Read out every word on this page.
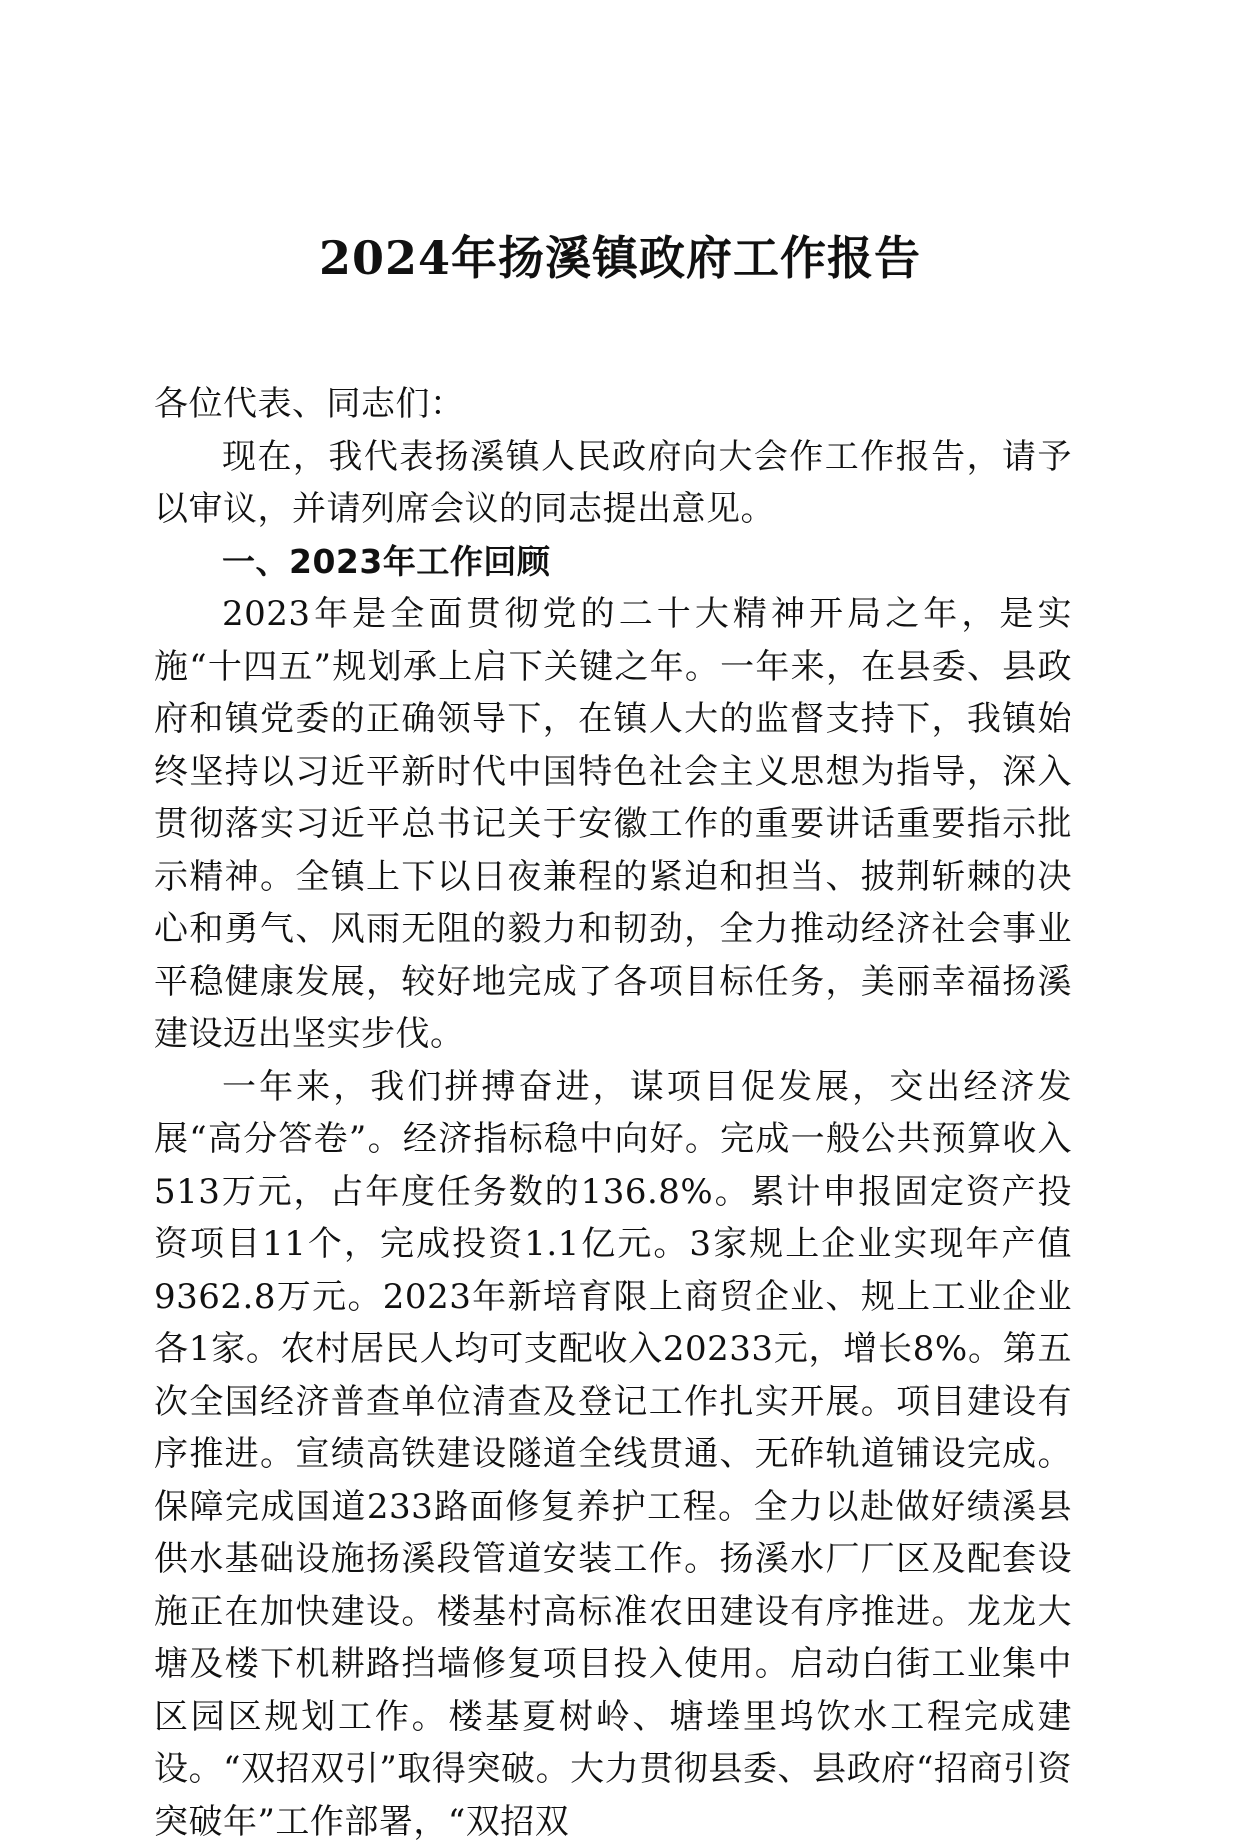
2024年扬溪镇政府工作报告

各位代表、同志们：

现在，我代表扬溪镇人民政府向大会作工作报告，请予以审议，并请列席会议的同志提出意见。

一、2023年工作回顾

2023年是全面贯彻党的二十大精神开局之年，是实施“十四五”规划承上启下关键之年。一年来，在县委、县政府和镇党委的正确领导下，在镇人大的监督支持下，我镇始终坚持以习近平新时代中国特色社会主义思想为指导，深入贯彻落实习近平总书记关于安徽工作的重要讲话重要指示批示精神。全镇上下以日夜兼程的紧迫和担当、披荆斩棘的决心和勇气、风雨无阻的毅力和韧劲，全力推动经济社会事业平稳健康发展，较好地完成了各项目标任务，美丽幸福扬溪建设迈出坚实步伐。

一年来，我们拼搏奋进，谋项目促发展，交出经济发展“高分答卷”。经济指标稳中向好。完成一般公共预算收入513万元，占年度任务数的136.8%。累计申报固定资产投资项目11个，完成投资1.1亿元。3家规上企业实现年产值9362.8万元。2023年新培育限上商贸企业、规上工业企业各1家。农村居民人均可支配收入20233元，增长8%。第五次全国经济普查单位清查及登记工作扎实开展。项目建设有序推进。宣绩高铁建设隧道全线贯通、无砟轨道铺设完成。保障完成国道233路面修复养护工程。全力以赴做好绩溪县供水基础设施扬溪段管道安装工作。扬溪水厂厂区及配套设施正在加快建设。楼基村高标准农田建设有序推进。龙龙大塘及楼下机耕路挡墙修复项目投入使用。启动白街工业集中区园区规划工作。楼基夏树岭、塘堘里坞饮水工程完成建设。“双招双引”取得突破。大力贯彻县委、县政府“招商引资突破年”工作部署，“双招双
